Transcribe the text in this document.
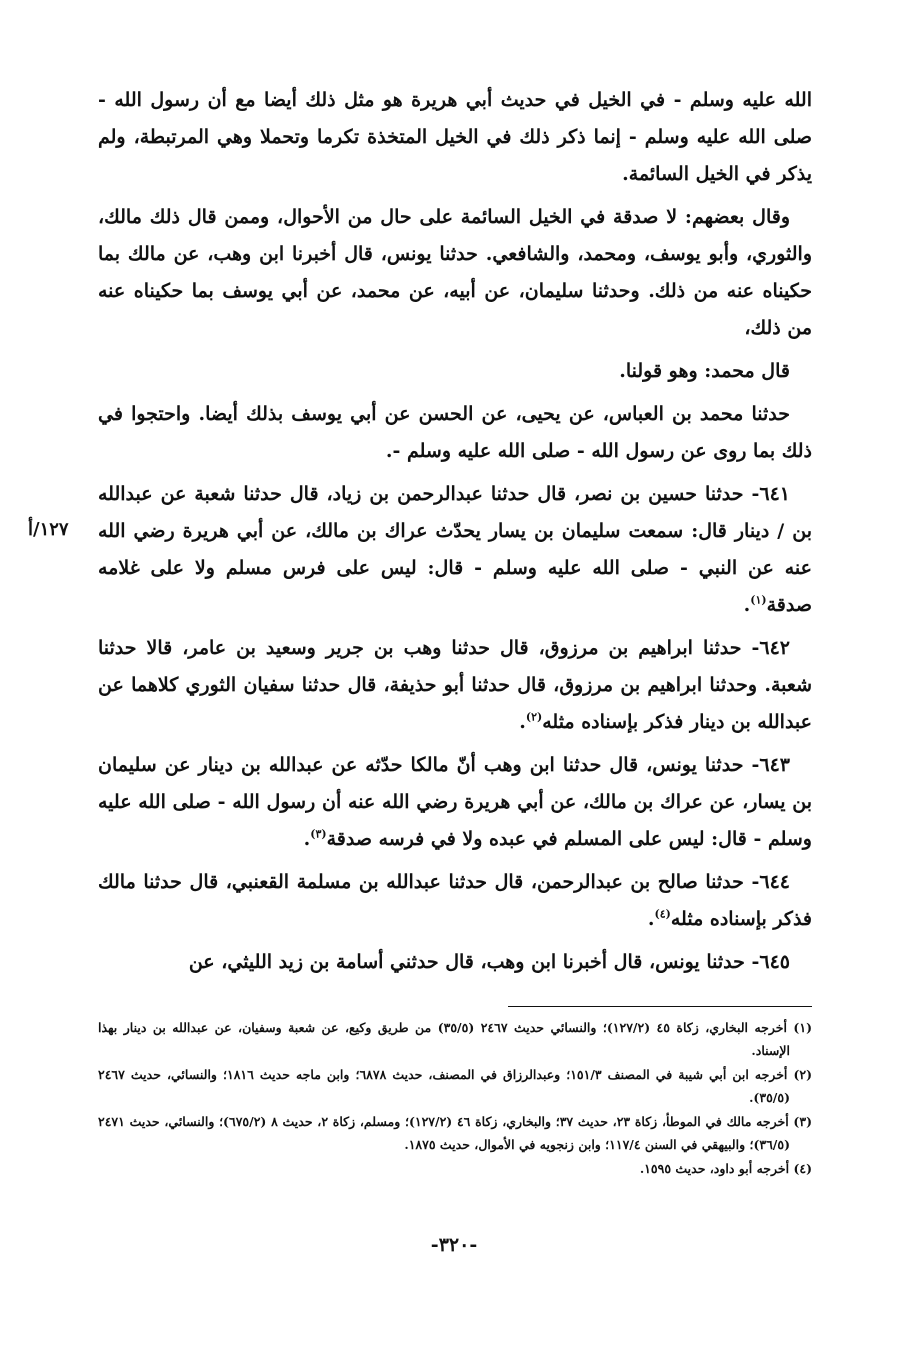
الله عليه وسلم - في الخيل في حديث أبي هريرة هو مثل ذلك أيضا مع أن رسول الله - صلى الله عليه وسلم - إنما ذكر ذلك في الخيل المتخذة تكرما وتحملا وهي المرتبطة، ولم يذكر في الخيل السائمة.

وقال بعضهم: لا صدقة في الخيل السائمة على حال من الأحوال، وممن قال ذلك مالك، والثوري، وأبو يوسف، ومحمد، والشافعي. حدثنا يونس، قال أخبرنا ابن وهب، عن مالك بما حكيناه عنه من ذلك. وحدثنا سليمان، عن أبيه، عن محمد، عن أبي يوسف بما حكيناه عنه من ذلك،

قال محمد: وهو قولنا.

حدثنا محمد بن العباس، عن يحيى، عن الحسن عن أبي يوسف بذلك أيضا. واحتجوا في ذلك بما روى عن رسول الله - صلى الله عليه وسلم -.

٦٤١- حدثنا حسين بن نصر، قال حدثنا عبدالرحمن بن زياد، قال حدثنا شعبة عن عبدالله بن / دينار قال: سمعت سليمان بن يسار يحدّث عراك بن مالك، عن أبي هريرة رضي الله عنه عن النبي - صلى الله عليه وسلم - قال: ليس على فرس مسلم ولا على غلامه صدقة$^{(١)}$.

٦٤٢- حدثنا ابراهيم بن مرزوق، قال حدثنا وهب بن جرير وسعيد بن عامر، قالا حدثنا شعبة. وحدثنا ابراهيم بن مرزوق، قال حدثنا أبو حذيفة، قال حدثنا سفيان الثوري كلاهما عن عبدالله بن دينار فذكر بإسناده مثله$^{(٢)}$.

٦٤٣- حدثنا يونس، قال حدثنا ابن وهب أنّ مالكا حدّثه عن عبدالله بن دينار عن سليمان بن يسار، عن عراك بن مالك، عن أبي هريرة رضي الله عنه أن رسول الله - صلى الله عليه وسلم - قال: ليس على المسلم في عبده ولا في فرسه صدقة$^{(٣)}$.

٦٤٤- حدثنا صالح بن عبدالرحمن، قال حدثنا عبدالله بن مسلمة القعنبي، قال حدثنا مالك فذكر بإسناده مثله$^{(٤)}$.

٦٤٥- حدثنا يونس، قال أخبرنا ابن وهب، قال حدثني أسامة بن زيد الليثي، عن

١٢٧/أ

(١) أخرجه البخاري، زكاة ٤٥ (١٢٧/٢)؛ والنسائي حديث ٢٤٦٧ (٣٥/٥) من طريق وكيع، عن شعبة وسفيان، عن عبدالله بن دينار بهذا الإسناد.

(٢) أخرجه ابن أبي شيبة في المصنف ١٥١/٣؛ وعبدالرزاق في المصنف، حديث ٦٨٧٨؛ وابن ماجه حديث ١٨١٦؛ والنسائي، حديث ٢٤٦٧ (٣٥/٥).

(٣) أخرجه مالك في الموطأ، زكاة ٢٣، حديث ٣٧؛ والبخاري، زكاة ٤٦ (١٢٧/٢)؛ ومسلم، زكاة ٢، حديث ٨ (٦٧٥/٢)؛ والنسائي، حديث ٢٤٧١ (٣٦/٥)؛ والبيهقي في السنن ١١٧/٤؛ وابن زنجويه في الأموال، حديث ١٨٧٥.

(٤) أخرجه أبو داود، حديث ١٥٩٥.

-٣٢٠-
